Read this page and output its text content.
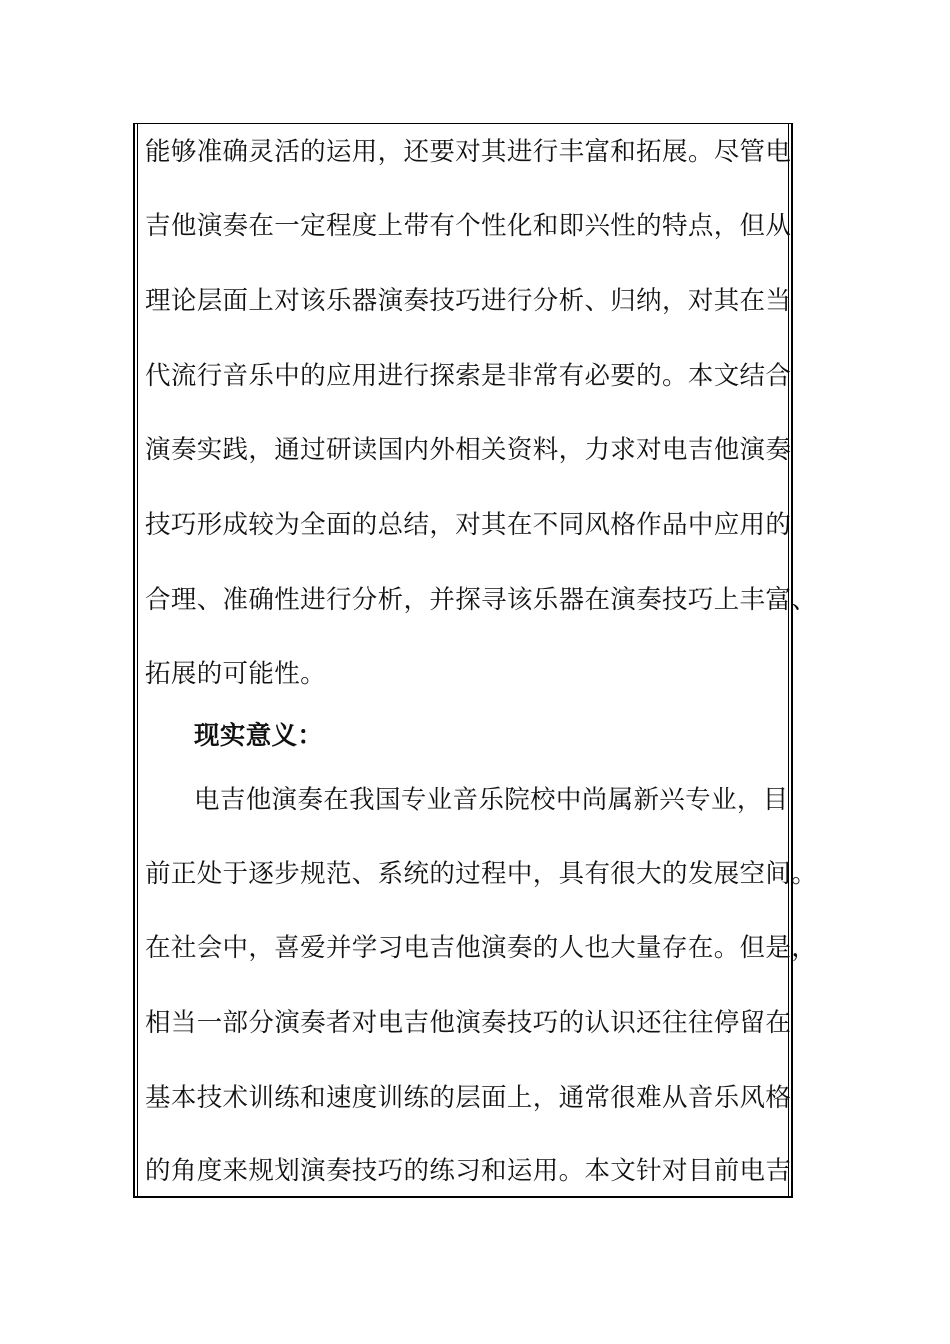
能够准确灵活的运用，还要对其进行丰富和拓展。尽管电
吉他演奏在一定程度上带有个性化和即兴性的特点，但从
理论层面上对该乐器演奏技巧进行分析、归纳，对其在当
代流行音乐中的应用进行探索是非常有必要的。本文结合
演奏实践，通过研读国内外相关资料，力求对电吉他演奏
技巧形成较为全面的总结，对其在不同风格作品中应用的
合理、准确性进行分析，并探寻该乐器在演奏技巧上丰富、
拓展的可能性。
现实意义：
电吉他演奏在我国专业音乐院校中尚属新兴专业，目
前正处于逐步规范、系统的过程中，具有很大的发展空间。
在社会中，喜爱并学习电吉他演奏的人也大量存在。但是，
相当一部分演奏者对电吉他演奏技巧的认识还往往停留在
基本技术训练和速度训练的层面上，通常很难从音乐风格
的角度来规划演奏技巧的练习和运用。本文针对目前电吉
